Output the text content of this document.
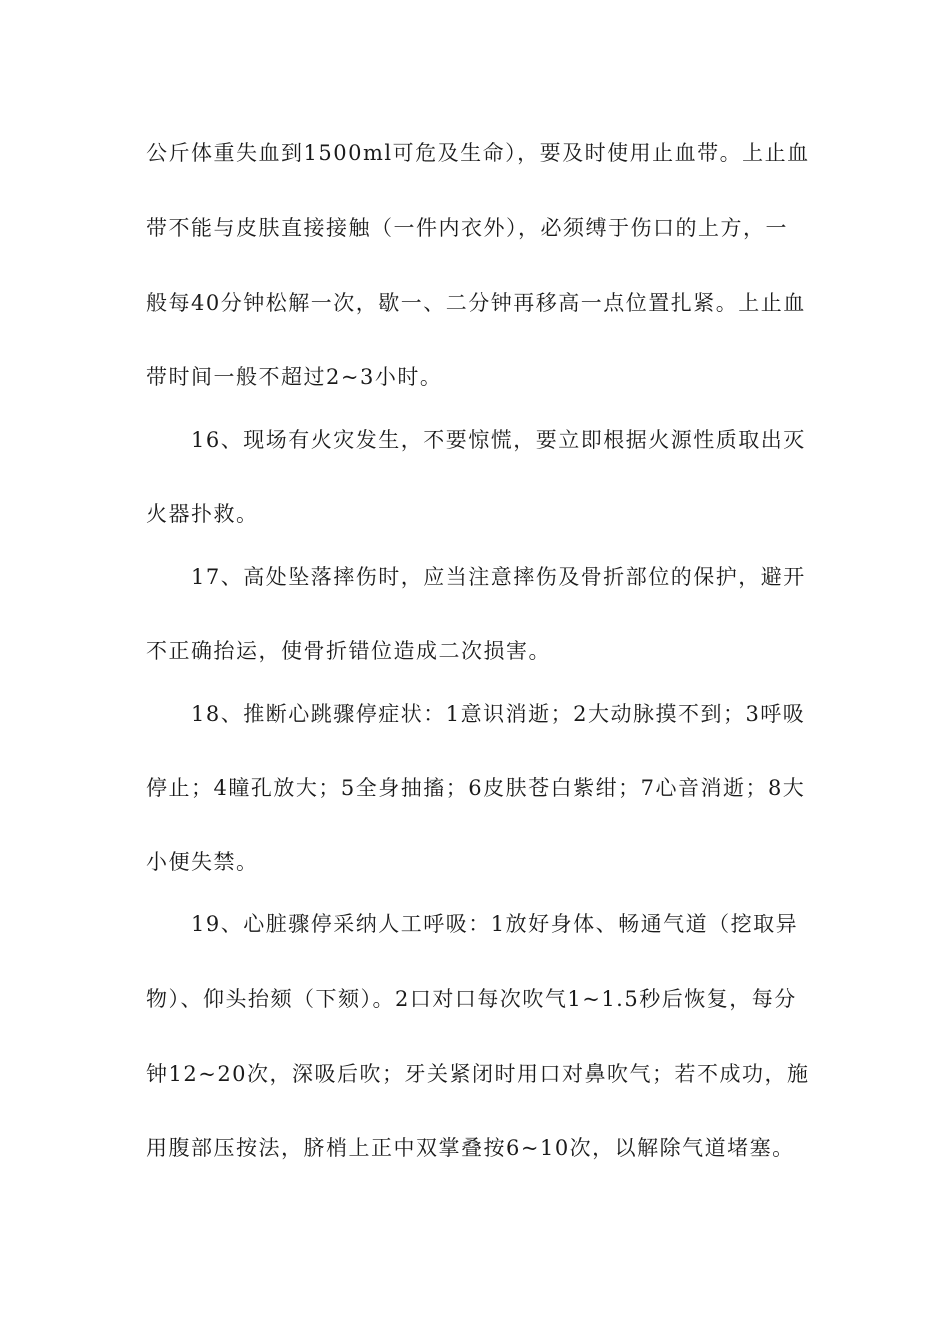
公斤体重失血到1500ml可危及生命），要及时使用止血带。上止血
带不能与皮肤直接接触（一件内衣外），必须缚于伤口的上方，一
般每40分钟松解一次，歇一、二分钟再移高一点位置扎紧。上止血
带时间一般不超过2~3小时。
16、现场有火灾发生，不要惊慌，要立即根据火源性质取出灭
火器扑救。
17、高处坠落摔伤时，应当注意摔伤及骨折部位的保护，避开
不正确抬运，使骨折错位造成二次损害。
18、推断心跳骤停症状：1意识消逝；2大动脉摸不到；3呼吸
停止；4瞳孔放大；5全身抽搐；6皮肤苍白紫绀；7心音消逝；8大
小便失禁。
19、心脏骤停采纳人工呼吸：1放好身体、畅通气道（挖取异
物）、仰头抬颏（下颏）。2口对口每次吹气1~1.5秒后恢复，每分
钟12~20次，深吸后吹；牙关紧闭时用口对鼻吹气；若不成功，施
用腹部压按法，脐梢上正中双掌叠按6~10次，以解除气道堵塞。
